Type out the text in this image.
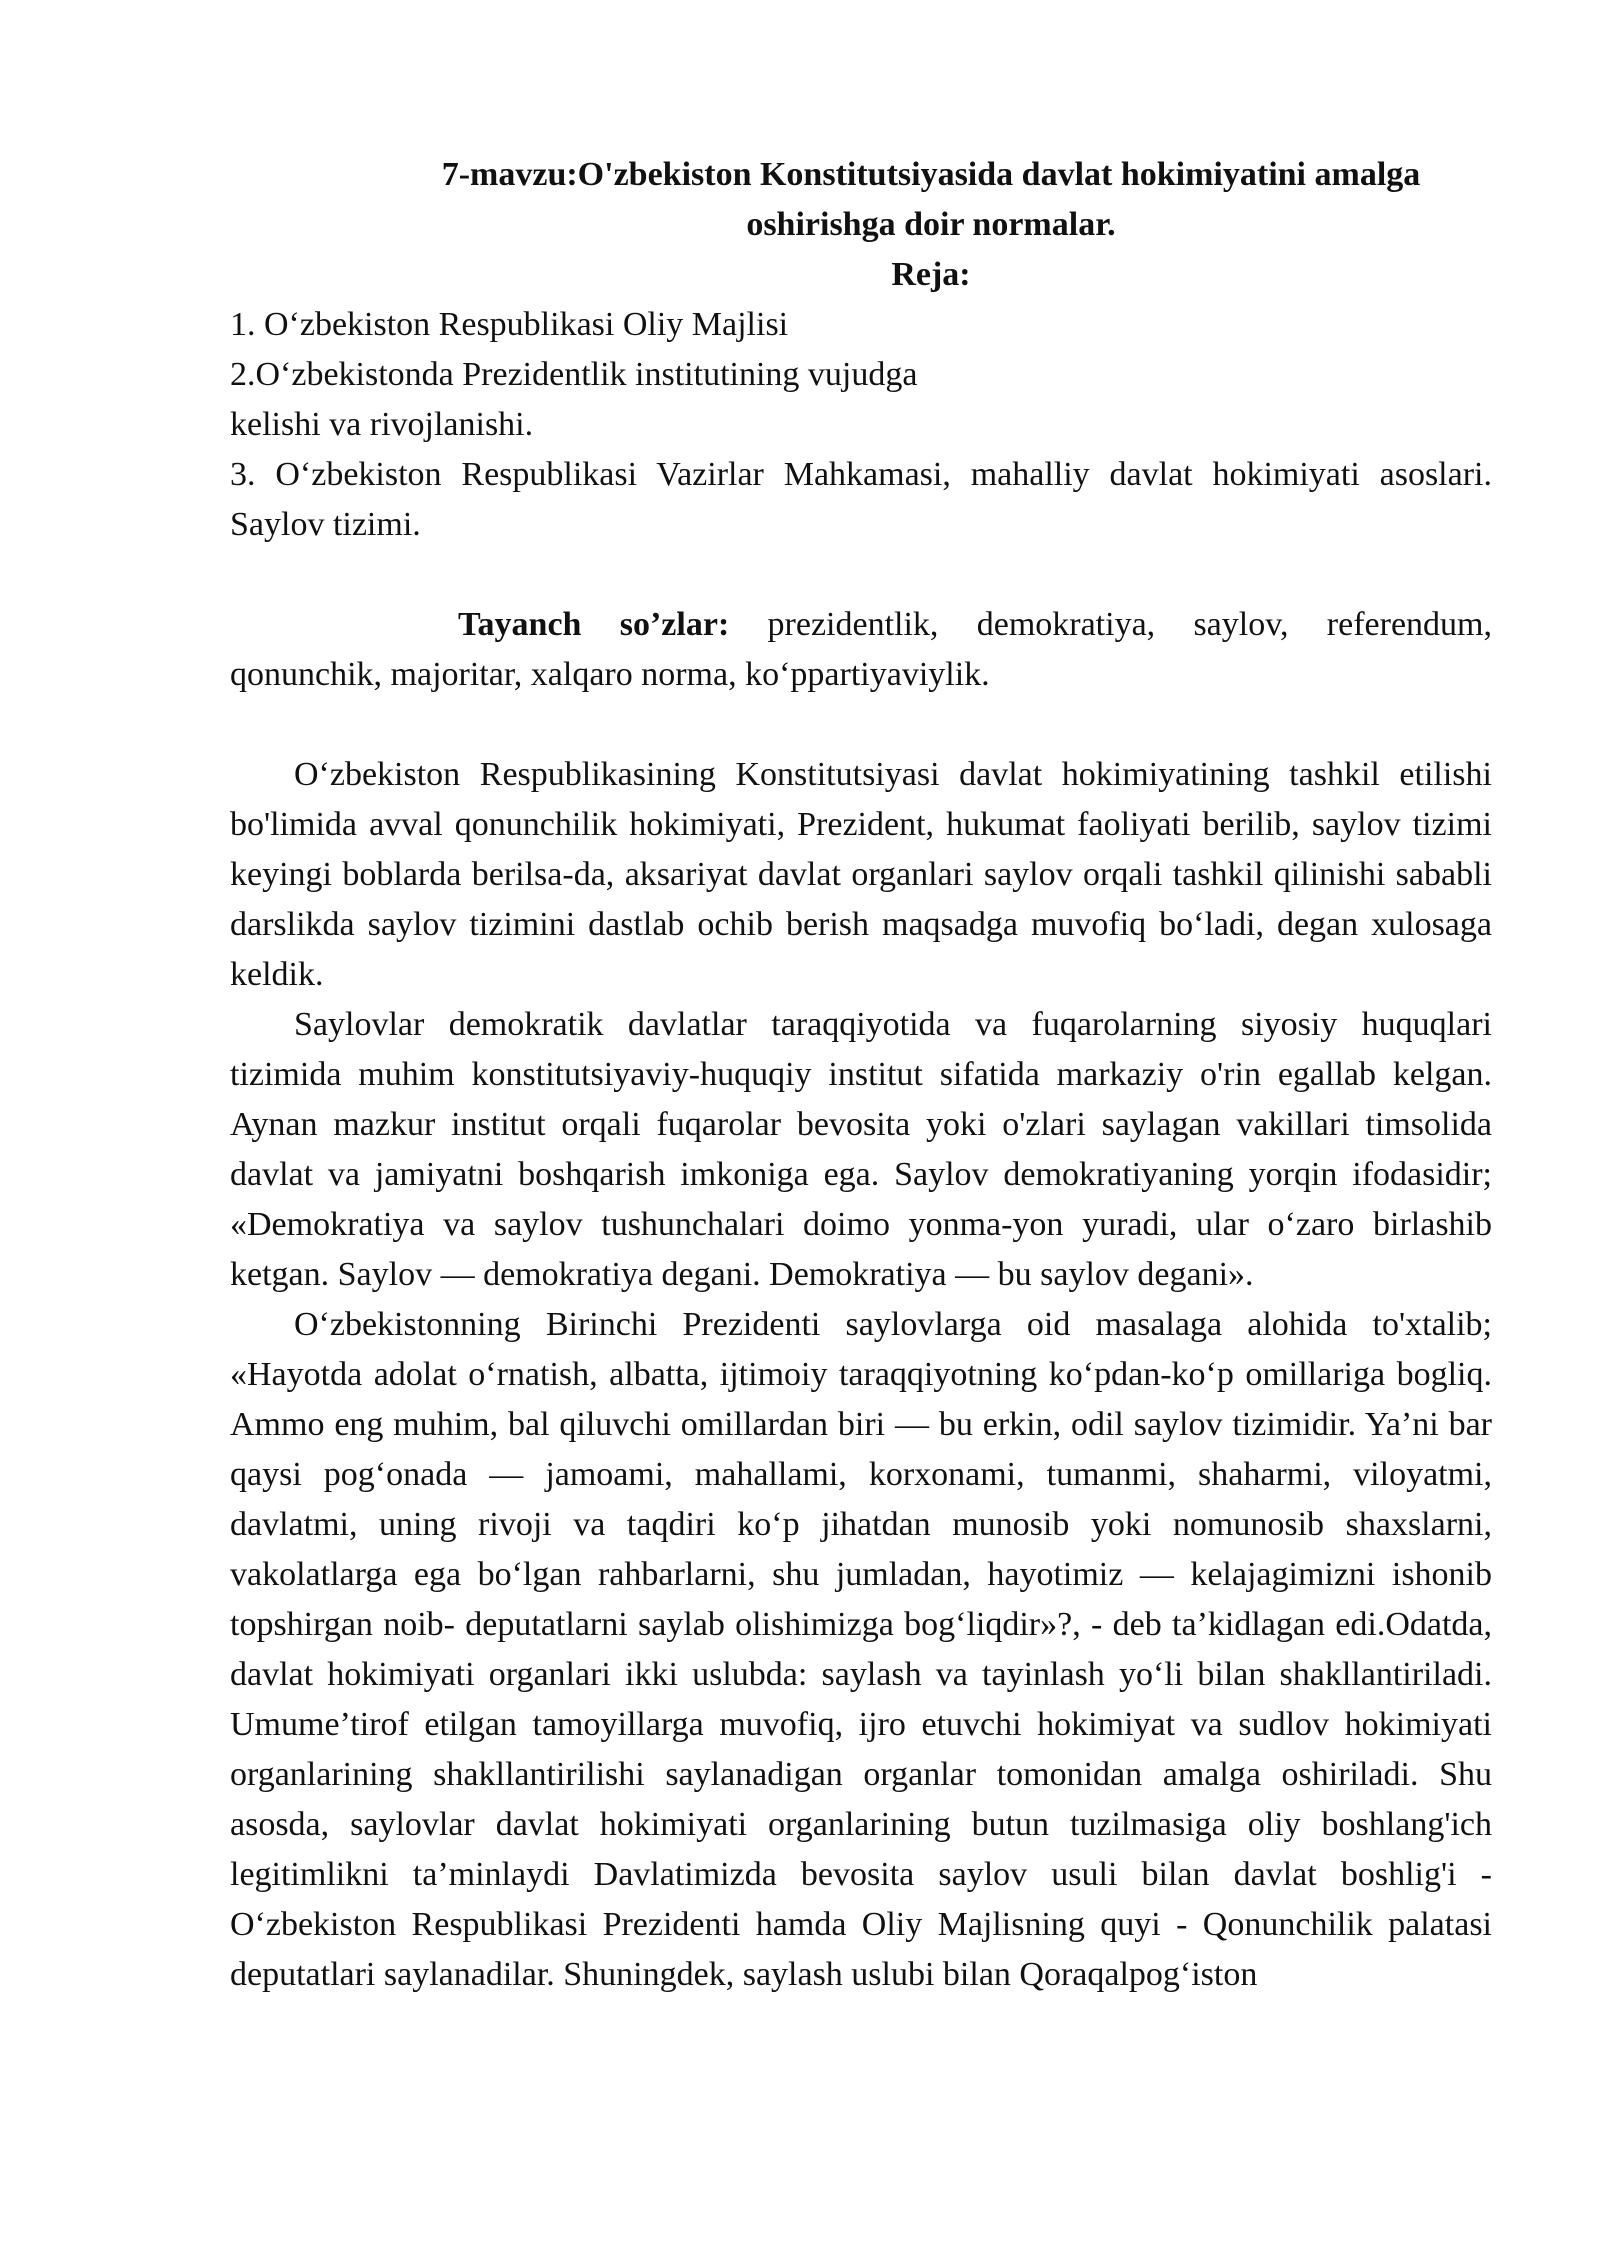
7-mavzu:O'zbekiston Konstitutsiyasida davlat hokimiyatini amalga

oshirishga doir normalar.

Reja:

1. Oʻzbekiston Respublikasi Oliy Majlisi

2.Oʻzbekistonda Prezidentlik institutining vujudga

kelishi va rivojlanishi.

3. Oʻzbekiston Respublikasi Vazirlar Mahkamasi, mahalliy davlat hokimiyati asoslari. Saylov tizimi.

Tayanch so’zlar: prezidentlik, demokratiya, saylov, referendum, qonunchik, majoritar, xalqaro norma, koʻppartiyaviylik.

Oʻzbekiston Respublikasining Konstitutsiyasi davlat hokimiyatining tashkil etilishi bo'limida avval qonunchilik hokimiyati, Prezident, hukumat faoliyati berilib, saylov tizimi keyingi boblarda berilsa-da, aksariyat davlat organlari saylov orqali tashkil qilinishi sababli darslikda saylov tizimini dastlab ochib berish maqsadga muvofiq boʻladi, degan xulosaga keldik.

Saylovlar demokratik davlatlar taraqqiyotida va fuqarolarning siyosiy huquqlari tizimida muhim konstitutsiyaviy-huquqiy institut sifatida markaziy o'rin egallab kelgan. Aynan mazkur institut orqali fuqarolar bevosita yoki o'zlari saylagan vakillari timsolida davlat va jamiyatni boshqarish imkoniga ega. Saylov demokratiyaning yorqin ifodasidir; «Demokratiya va saylov tushunchalari doimo yonma-yon yuradi, ular oʻzaro birlashib ketgan. Saylov — demokratiya degani. Demokratiya — bu saylov degani».

Oʻzbekistonning Birinchi Prezidenti saylovlarga oid masalaga alohida to'xtalib; «Hayotda adolat oʻrnatish, albatta, ijtimoiy taraqqiyotning koʻpdan-koʻp omillariga bogliq. Ammo eng muhim, bal qiluvchi omillardan biri — bu erkin, odil saylov tizimidir. Ya’ni bar qaysi pogʻonada — jamoami, mahallami, korxonami, tumanmi, shaharmi, viloyatmi, davlatmi, uning rivoji va taqdiri koʻp jihatdan munosib yoki nomunosib shaxslarni, vakolatlarga ega boʻlgan rahbarlarni, shu jumladan, hayotimiz — kelajagimizni ishonib topshirgan noib- deputatlarni saylab olishimizga bogʻliqdir»?, - deb ta’kidlagan edi.Odatda, davlat hokimiyati organlari ikki uslubda: saylash va tayinlash yoʻli bilan shakllantiriladi. Umume’tirof etilgan tamoyillarga muvofiq, ijro etuvchi hokimiyat va sudlov hokimiyati organlarining shakllantirilishi saylanadigan organlar tomonidan amalga oshiriladi. Shu asosda, saylovlar davlat hokimiyati organlarining butun tuzilmasiga oliy boshlang'ich legitimlikni ta’minlaydi Davlatimizda bevosita saylov usuli bilan davlat boshlig'i - Oʻzbekiston Respublikasi Prezidenti hamda Oliy Majlisning quyi - Qonunchilik palatasi deputatlari saylanadilar. Shuningdek, saylash uslubi bilan Qoraqalpogʻiston
